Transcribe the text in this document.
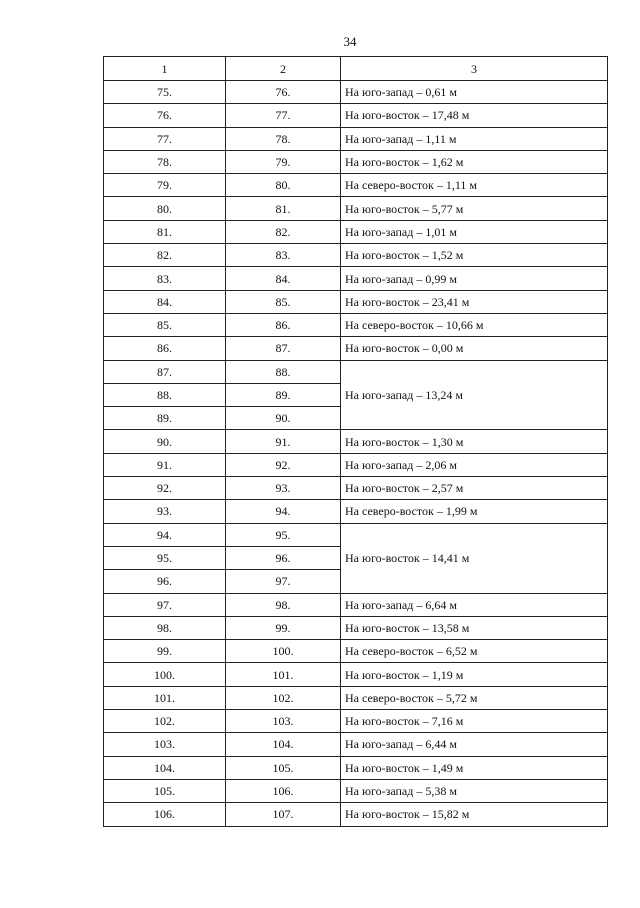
34
1	2	3
75.	76.	На юго-запад – 0,61 м
76.	77.	На юго-восток – 17,48 м
77.	78.	На юго-запад – 1,11 м
78.	79.	На юго-восток – 1,62 м
79.	80.	На северо-восток – 1,11 м
80.	81.	На юго-восток – 5,77 м
81.	82.	На юго-запад – 1,01 м
82.	83.	На юго-восток – 1,52 м
83.	84.	На юго-запад – 0,99 м
84.	85.	На юго-восток – 23,41 м
85.	86.	На северо-восток – 10,66 м
86.	87.	На юго-восток – 0,00 м
87.	88.	На юго-запад – 13,24 м
88.	89.	
89.	90.	
90.	91.	На юго-восток – 1,30 м
91.	92.	На юго-запад – 2,06 м
92.	93.	На юго-восток – 2,57 м
93.	94.	На северо-восток – 1,99 м
94.	95.	На юго-восток – 14,41 м
95.	96.	
96.	97.	
97.	98.	На юго-запад – 6,64 м
98.	99.	На юго-восток – 13,58 м
99.	100.	На северо-восток – 6,52 м
100.	101.	На юго-восток – 1,19 м
101.	102.	На северо-восток – 5,72 м
102.	103.	На юго-восток – 7,16 м
103.	104.	На юго-запад – 6,44 м
104.	105.	На юго-восток – 1,49 м
105.	106.	На юго-запад – 5,38 м
106.	107.	На юго-восток – 15,82 м
